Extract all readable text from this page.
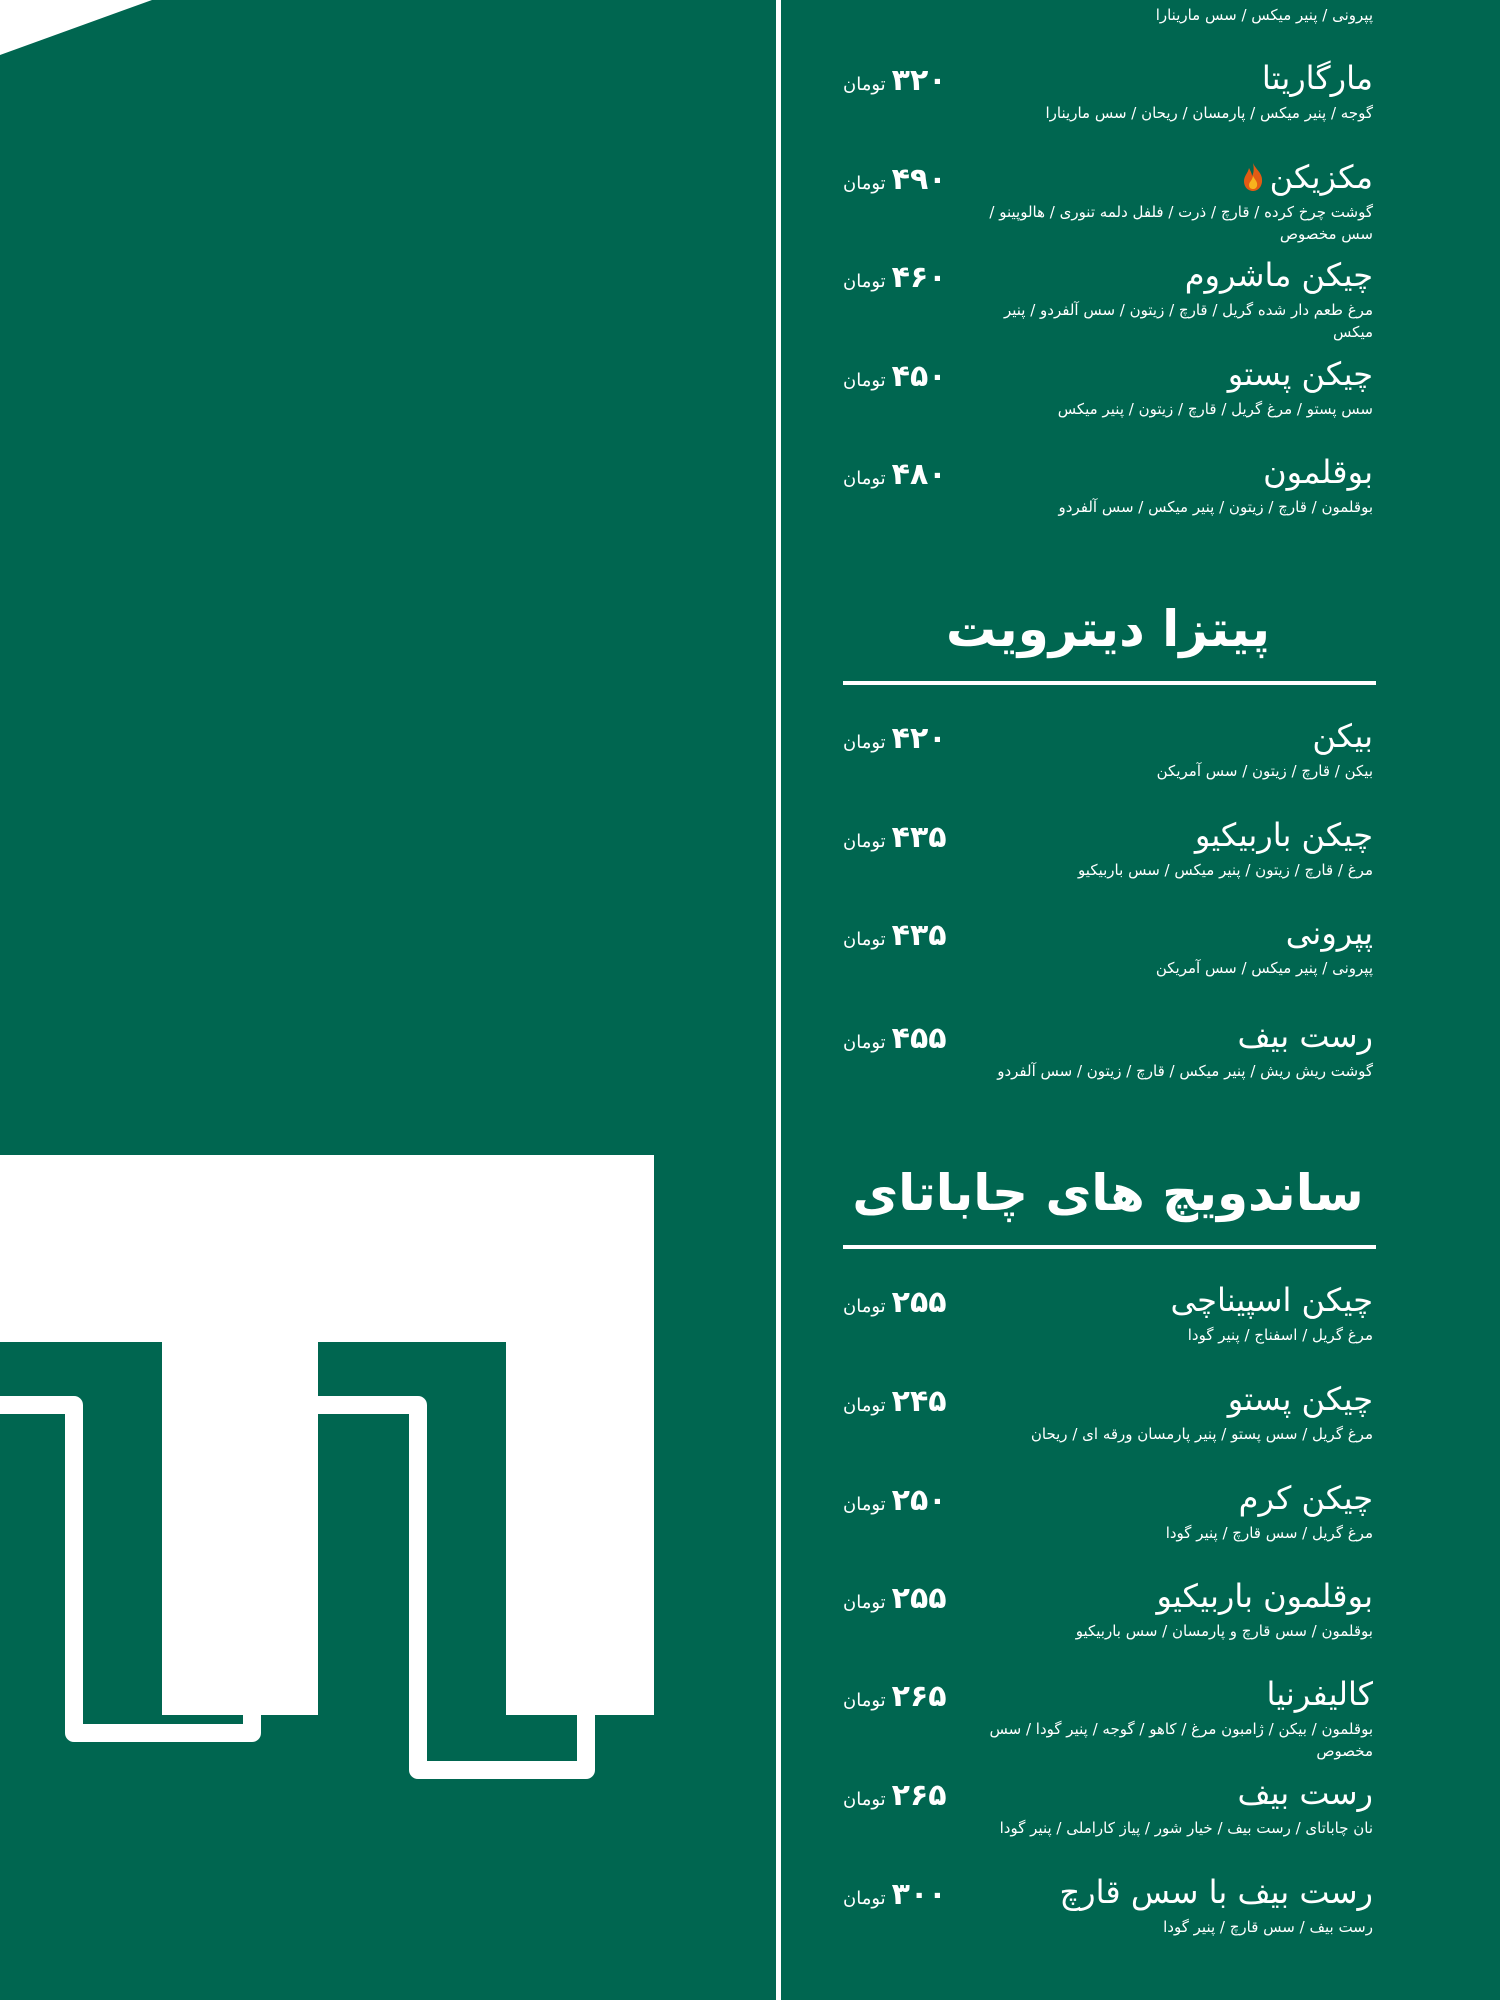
پپرونی / پنیر میکس / سس مارینارا
مارگاریتا
گوجه / پنیر میکس / پارمسان / ریحان / سس مارینارا
۳۲۰تومان
مکزیکن
گوشت چرخ کرده / قارچ / ذرت / فلفل دلمه تنوری / هالوپینو / سس مخصوص
۴۹۰تومان
چیکن ماشروم
مرغ طعم دار شده گریل / قارچ / زیتون / سس آلفردو / پنیر میکس
۴۶۰تومان
چیکن پستو
سس پستو / مرغ گریل / قارچ / زیتون / پنیر میکس
۴۵۰تومان
بوقلمون
بوقلمون / قارچ / زیتون / پنیر میکس / سس آلفردو
۴۸۰تومان
پیتزا دیترویت
بیکن
بیکن / قارچ / زیتون / سس آمریکن
۴۲۰تومان
چیکن باربیکیو
مرغ / قارچ / زیتون / پنیر میکس / سس باربیکیو
۴۳۵تومان
پپرونی
پپرونی / پنیر میکس / سس آمریکن
۴۳۵تومان
رست بیف
گوشت ریش ریش / پنیر میکس / قارچ / زیتون / سس آلفردو
۴۵۵تومان
ساندویچ های چاباتای
چیکن اسپیناچی
مرغ گریل / اسفناج / پنیر گودا
۲۵۵تومان
چیکن پستو
مرغ گریل / سس پستو / پنیر پارمسان ورقه ای / ریحان
۲۴۵تومان
چیکن کرم
مرغ گریل / سس قارچ / پنیر گودا
۲۵۰تومان
بوقلمون باربیکیو
بوقلمون / سس قارچ و پارمسان / سس باربیکیو
۲۵۵تومان
کالیفرنیا
بوقلمون / بیکن / ژامبون مرغ / کاهو / گوجه / پنیر گودا / سس مخصوص
۲۶۵تومان
رست بیف
نان چاباتای / رست بیف / خیار شور / پیاز کاراملی / پنیر گودا
۲۶۵تومان
رست بیف با سس قارچ
رست بیف / سس قارچ / پنیر گودا
۳۰۰تومان
